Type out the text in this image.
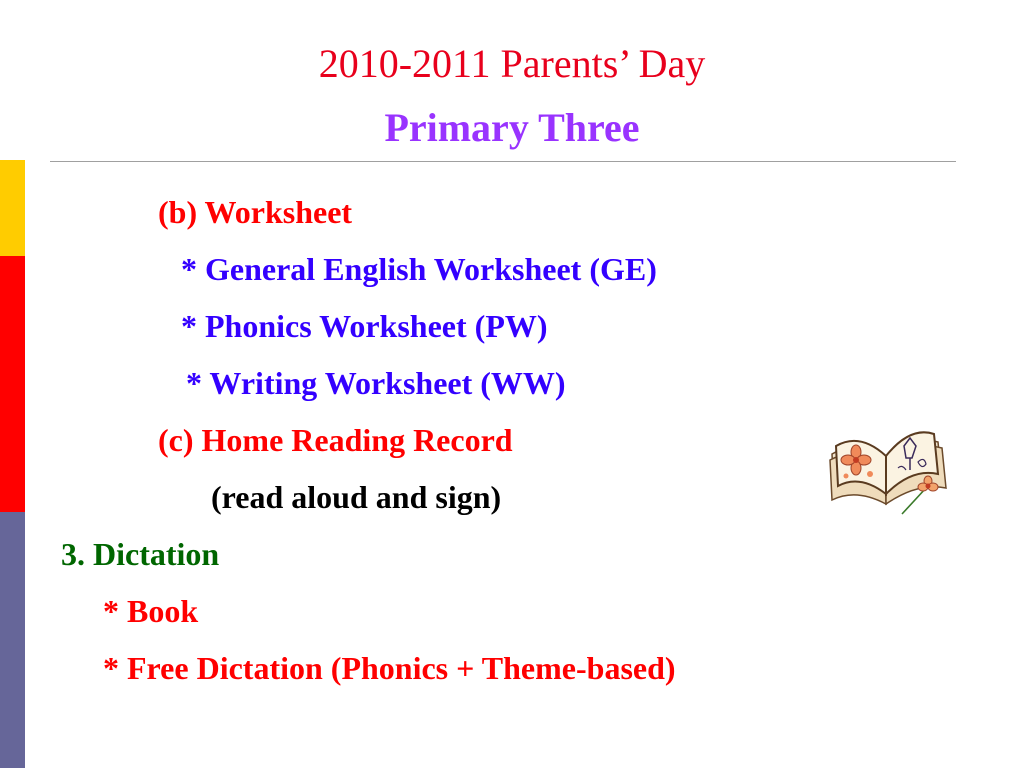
2010-2011 Parents’ Day
Primary Three
(b) Worksheet
* General English Worksheet (GE)
* Phonics Worksheet (PW)
* Writing Worksheet (WW)
(c) Home Reading Record
(read aloud and sign)
3. Dictation
* Book
* Free Dictation (Phonics + Theme-based)
